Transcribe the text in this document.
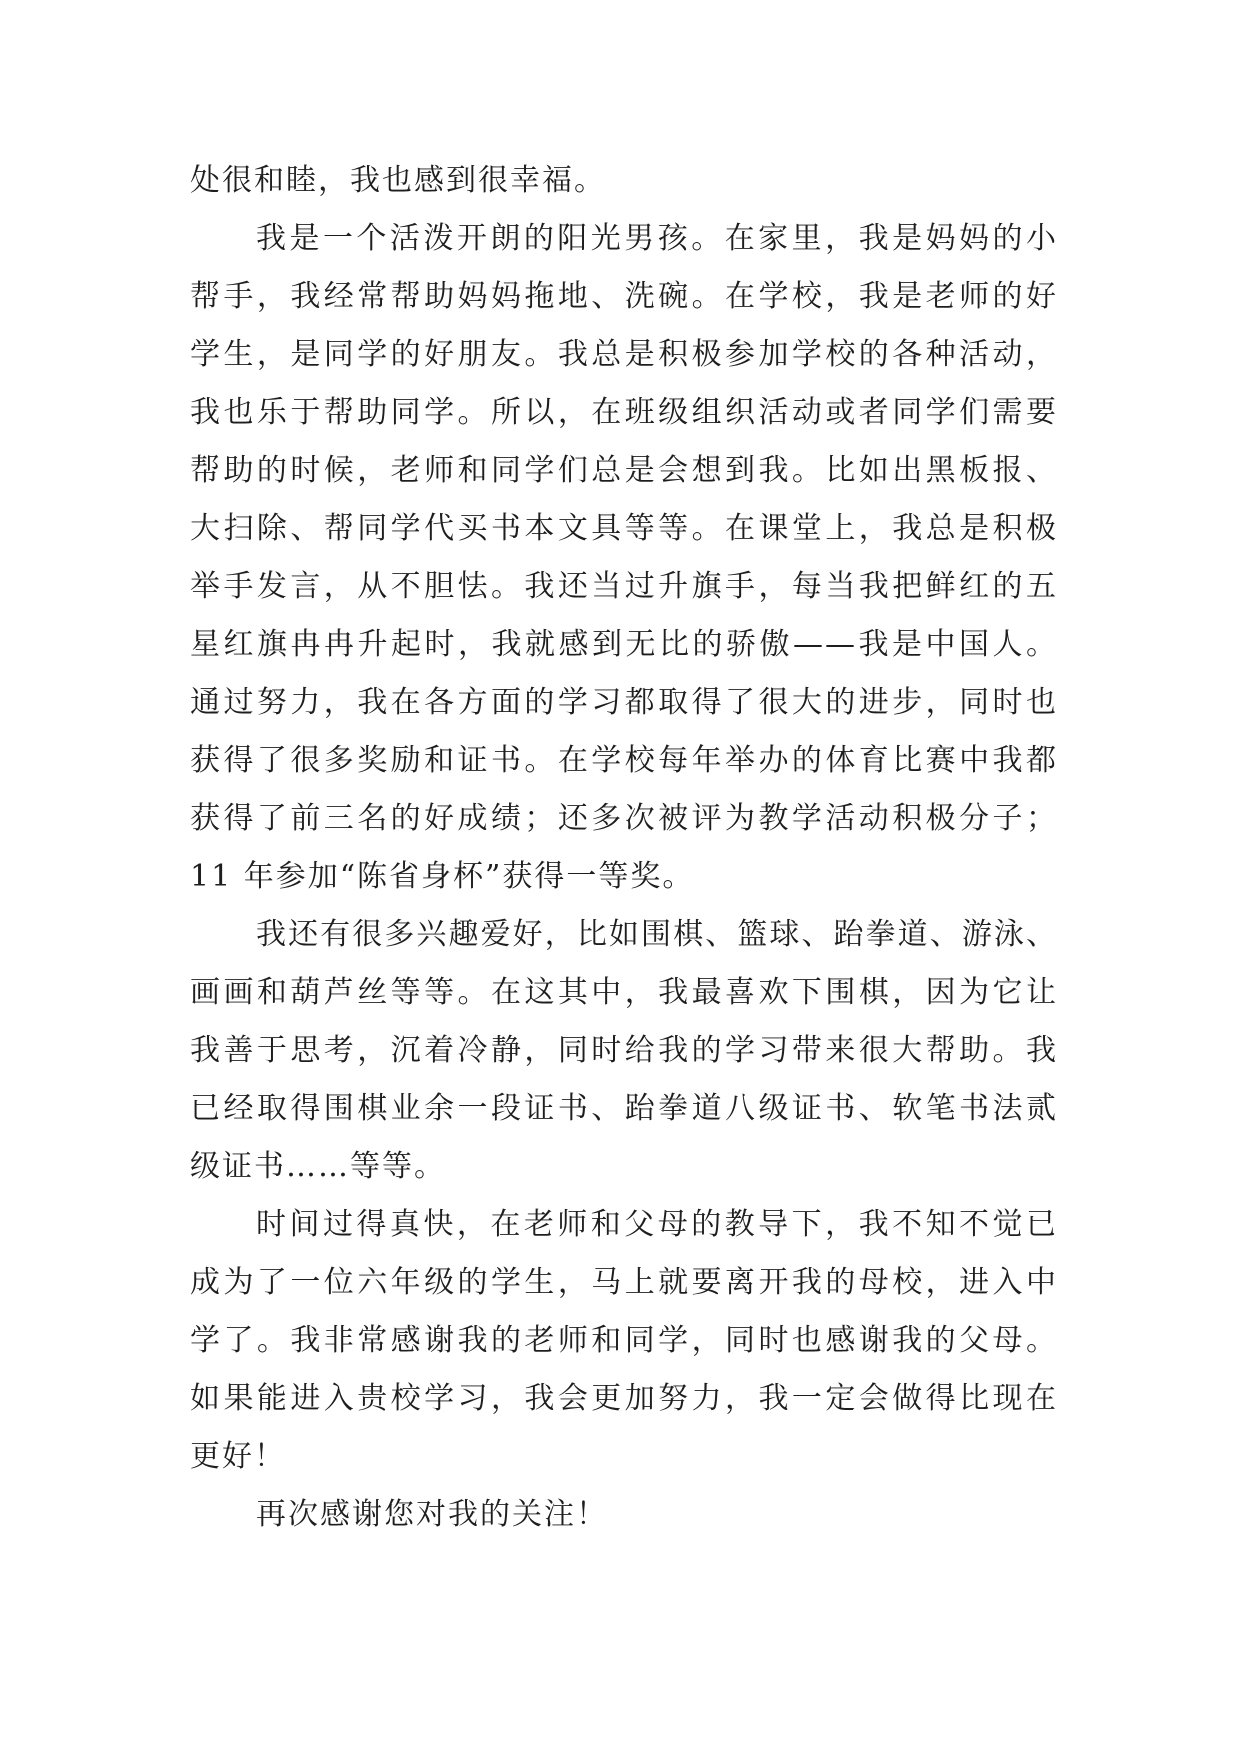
处很和睦，我也感到很幸福。
我是一个活泼开朗的阳光男孩。在家里，我是妈妈的小
帮手，我经常帮助妈妈拖地、洗碗。在学校，我是老师的好
学生，是同学的好朋友。我总是积极参加学校的各种活动，
我也乐于帮助同学。所以，在班级组织活动或者同学们需要
帮助的时候，老师和同学们总是会想到我。比如出黑板报、
大扫除、帮同学代买书本文具等等。在课堂上，我总是积极
举手发言，从不胆怯。我还当过升旗手，每当我把鲜红的五
星红旗冉冉升起时，我就感到无比的骄傲——我是中国人。
通过努力，我在各方面的学习都取得了很大的进步，同时也
获得了很多奖励和证书。在学校每年举办的体育比赛中我都
获得了前三名的好成绩；还多次被评为教学活动积极分子；
11 年参加“陈省身杯”获得一等奖。
我还有很多兴趣爱好，比如围棋、篮球、跆拳道、游泳、
画画和葫芦丝等等。在这其中，我最喜欢下围棋，因为它让
我善于思考，沉着冷静，同时给我的学习带来很大帮助。我
已经取得围棋业余一段证书、跆拳道八级证书、软笔书法贰
级证书……等等。
时间过得真快，在老师和父母的教导下，我不知不觉已
成为了一位六年级的学生，马上就要离开我的母校，进入中
学了。我非常感谢我的老师和同学，同时也感谢我的父母。
如果能进入贵校学习，我会更加努力，我一定会做得比现在
更好！
再次感谢您对我的关注！
